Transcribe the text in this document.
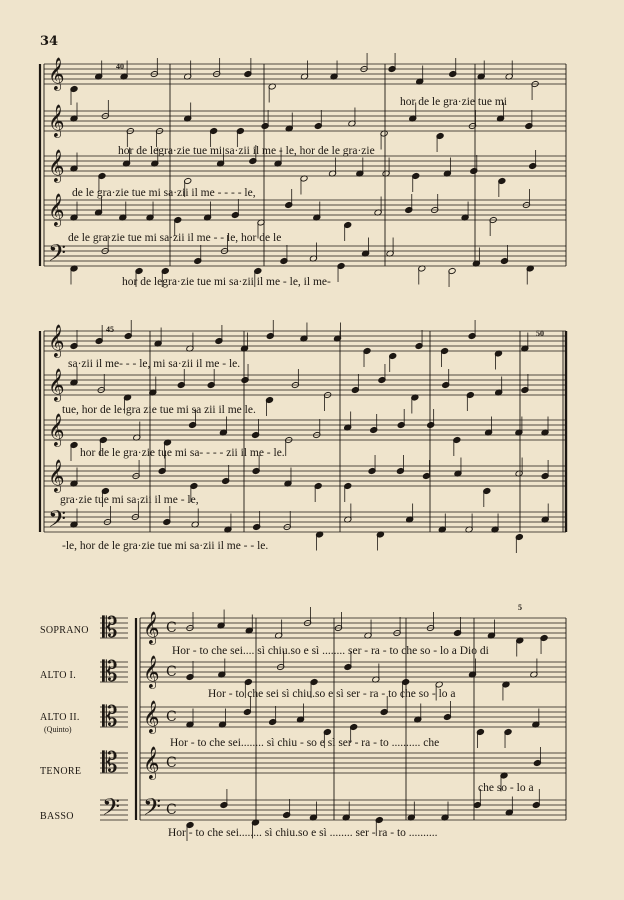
34
𝄞
𝄞
𝄞
𝄞
𝄢
𝄞
𝄞
𝄞
𝄞
𝄢
𝄡 𝄞 C
𝄡 𝄞 C
𝄡 𝄞 C
𝄡 𝄞 C
𝄢 𝄢 C
hor de le gra·zie tue mi
hor de legra·zie tue mi sa·zii il me - le, hor de le gra·zie
de le gra·zie tue mi sa·zii il me - - - - le,
de le gra·zie tue mi sa·zii il me - - le, hor de le
hor de legra·zie tue mi sa·zii il me - le, il me-
sa·zii il me- - - le, mi sa·zii il me - le.
tue, hor de le·gra zie tue mi sa zii il me le.
hor de le gra·zie tue mi sa- - - - zii il me - le.
gra·zie tue mi sa·zii il me - le,
-le, hor de le gra·zie tue mi sa·zii il me - - le.
SOPRANO
ALTO I.
ALTO II.
(Quinto)
TENORE
BASSO
Hor - to che sei.... sì chiu.so e sì ........ ser - ra - to che so - lo a Dio di
Hor - to che sei sì chiu.so e sì ser - ra - to che so - lo a
Hor - to che sei........ sì chiu - so e sì ser - ra - to .......... che
che so - lo a
Hor - to che sei........ sì chiu.so e sì ........ ser - ra - to ..........
40
45	50
5
